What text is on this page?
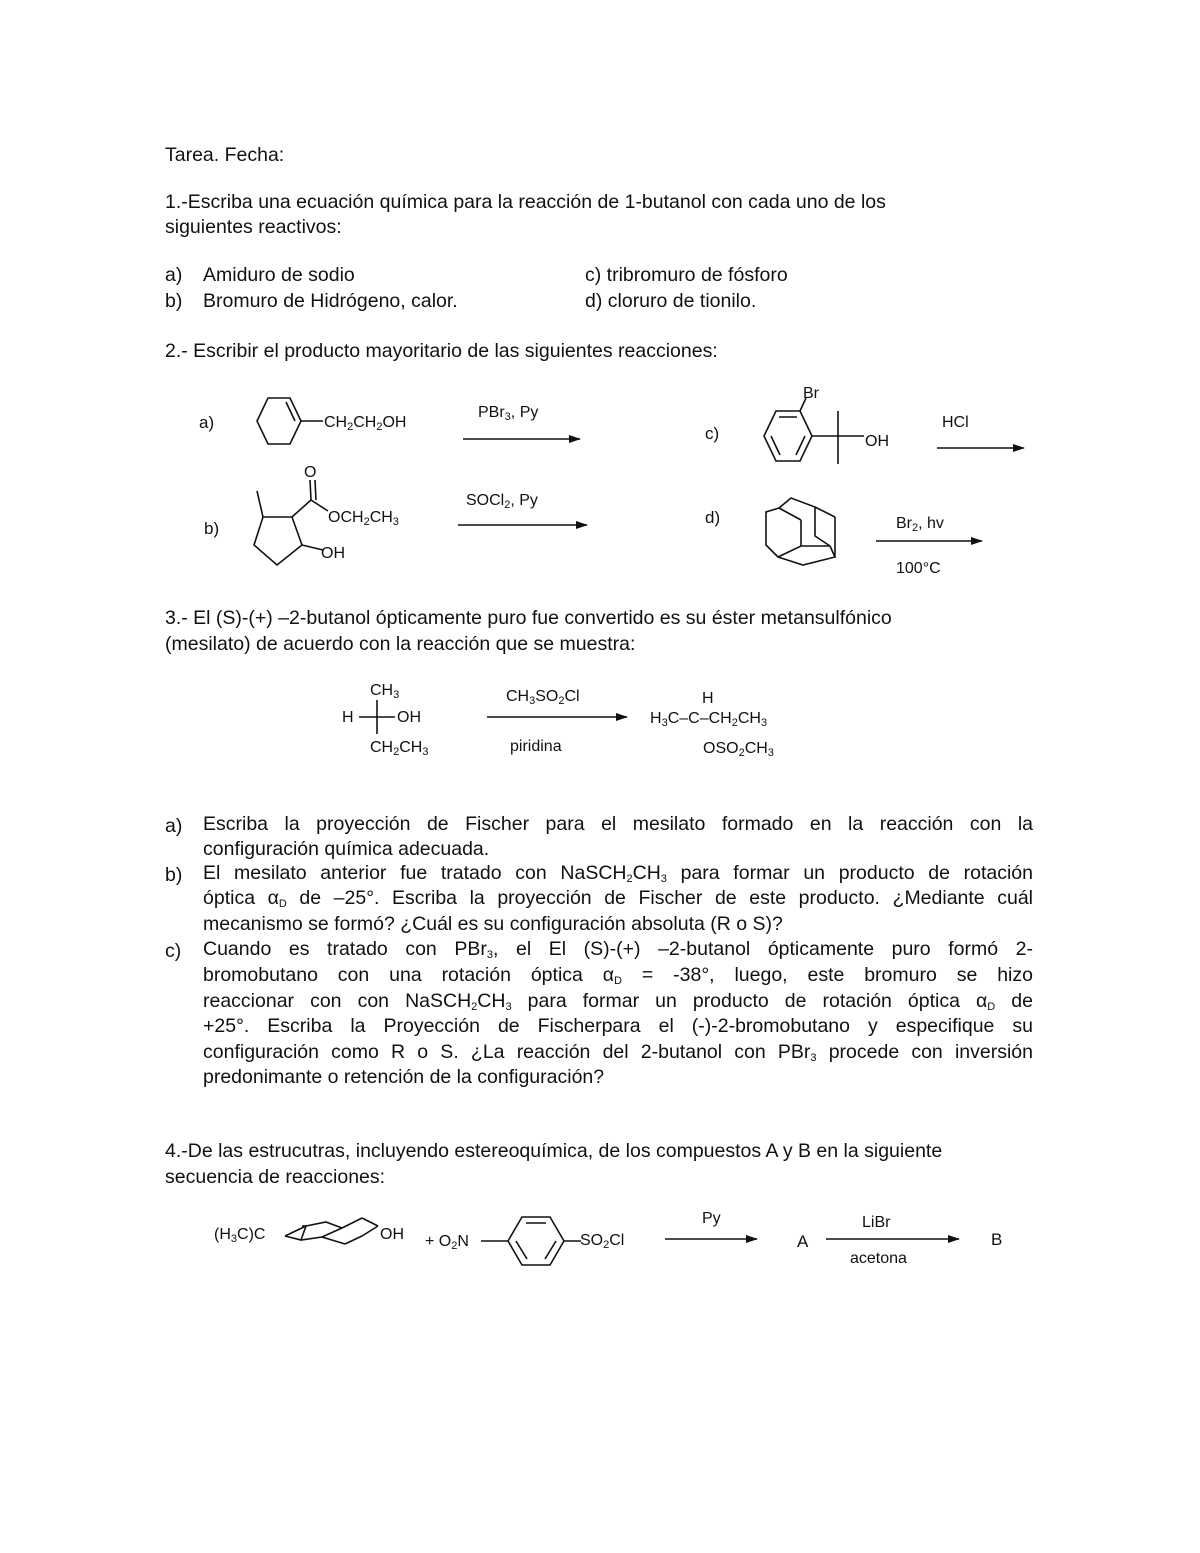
Tarea. Fecha:
1.-Escriba una ecuación química para la reacción de 1-butanol con cada uno de los
siguientes reactivos:
a) Amiduro de sodio
b) Bromuro de Hidrógeno, calor.
c) tribromuro de fósforo
d) cloruro de tionilo.
2.- Escribir el producto mayoritario de las siguientes reacciones:
a)	$CH_2CH_2OH$
PBr$_3$, Py
b)
O
$OCH_2CH_3$
OH
SOCl$_2$, Py
c)
Br
OH
HCl
d)	$Br_2$, hv
100°C
3.- El (S)-(+) –2-butanol ópticamente puro fue convertido es su éster metansulfónico
(mesilato) de acuerdo con la reacción que se muestra:
$CH_3$
H	OH
$CH_2CH_3$
$CH_3SO_2Cl$
piridina
H
$H_3C-C-CH_2CH_3$
$OSO_2CH_3$
a) Escriba la proyección de Fischer para el mesilato formado en la reacción con la
configuración química adecuada.
b) El mesilato anterior fue tratado con $NaSCH_2CH_3$ para formar un producto de rotación
óptica $\alpha_D$ de –25°. Escriba la proyección de Fischer de este producto. ¿Mediante cuál
mecanismo se formó? ¿Cuál es su configuración absoluta (R o S)?
c) Cuando es tratado con PBr$_3$, el El (S)-(+) –2-butanol ópticamente puro formó 2-
bromobutano con una rotación óptica $\alpha_D = -38^\circ$, luego, este bromuro se hizo
reaccionar con con $NaSCH_2CH_3$ para formar un producto de rotación óptica $\alpha_D$ de
+25°. Escriba la Proyección de Fischerpara el (-)-2-bromobutano y especifique su
configuración como R o S. ¿La reacción del 2-butanol con PBr$_3$ procede con inversión
predonimante o retención de la configuración?
4.-De las estrucutras, incluyendo estereoquímica, de los compuestos A y B en la siguiente
secuencia de reacciones:
$(H_3C)C$	OH + $O_2N$	$SO_2Cl$
Py
A
LiBr
acetona
B
